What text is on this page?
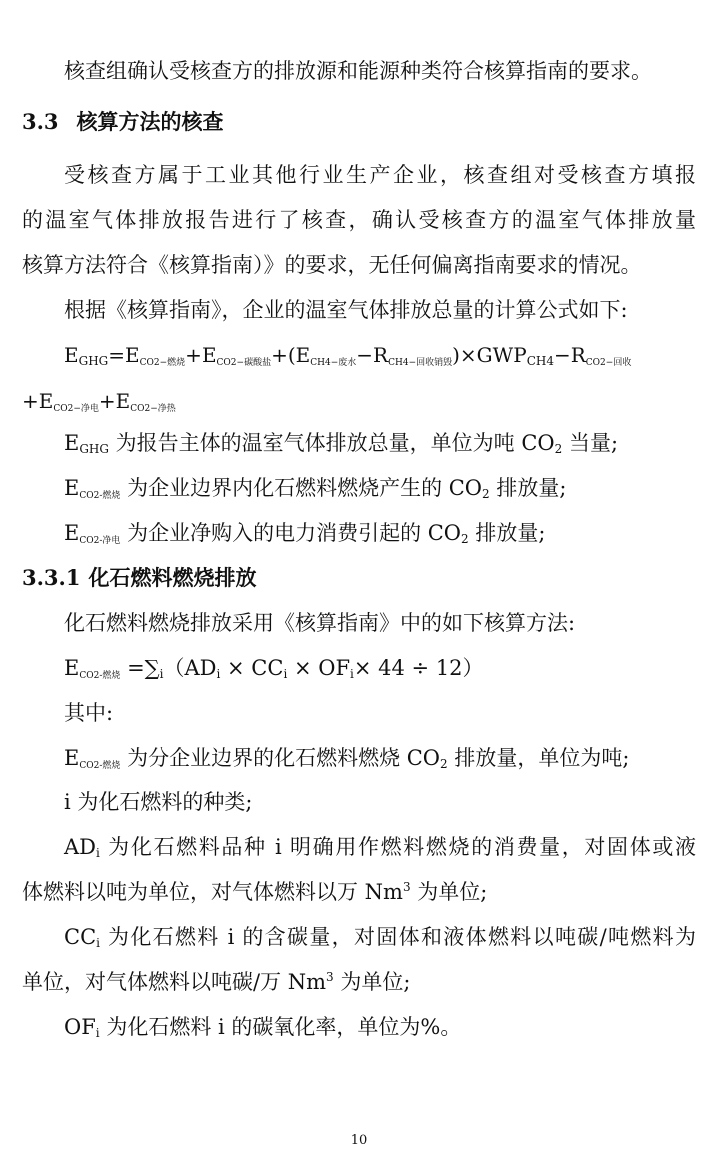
核查组确认受核查方的排放源和能源种类符合核算指南的要求。
3.3 核算方法的核查
受核查方属于工业其他行业生产企业，核查组对受核查方填报
的温室气体排放报告进行了核查，确认受核查方的温室气体排放量
核算方法符合《核算指南）》的要求，无任何偏离指南要求的情况。
根据《核算指南》，企业的温室气体排放总量的计算公式如下:
$E_{GHG}=E_{CO2-燃烧}+E_{CO2-碳酸盐}+(E_{CH4-废水}-R_{CH4-回收销毁})\times GWP_{CH4}-R_{CO2-回收}$
$+E_{CO2-净电}+E_{CO2-净热}$
$E_{GHG}$ 为报告主体的温室气体排放总量，单位为吨 $CO_2$ 当量;
$E_{CO2-燃烧}$ 为企业边界内化石燃料燃烧产生的 $CO_2$ 排放量;
$E_{CO2-净电}$ 为企业净购入的电力消费引起的 $CO_2$ 排放量;
3.3.1 化石燃料燃烧排放
化石燃料燃烧排放采用《核算指南》中的如下核算方法:
$E_{CO2-燃烧} =\sum_i(AD_i \times CC_i \times OF_i\times 44 \div 12)$
其中:
$E_{CO2-燃烧}$ 为分企业边界的化石燃料燃烧 $CO_2$ 排放量，单位为吨;
i 为化石燃料的种类;
$AD_i$ 为化石燃料品种 i 明确用作燃料燃烧的消费量，对固体或液
体燃料以吨为单位，对气体燃料以万 Nm$^3$ 为单位;
$CC_i$ 为化石燃料 i 的含碳量，对固体和液体燃料以吨碳/吨燃料为
单位，对气体燃料以吨碳/万 Nm$^3$ 为单位;
$OF_i$ 为化石燃料 i 的碳氧化率，单位为%。
10
